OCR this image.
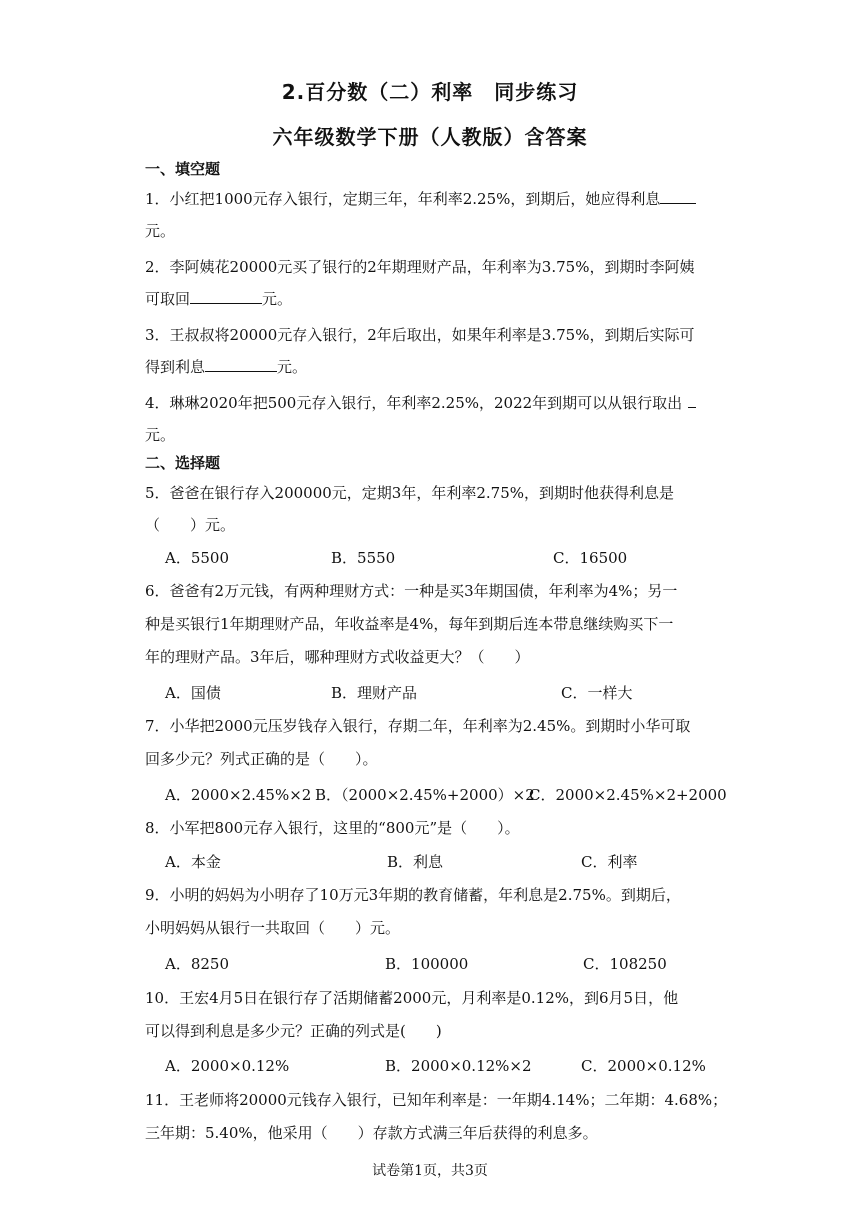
2.百分数（二）利率　同步练习
六年级数学下册（人教版）含答案
一、填空题
1．小红把1000元存入银行，定期三年，年利率2.25%，到期后，她应得利息
元。
2．李阿姨花20000元买了银行的2年期理财产品，年利率为3.75%，到期时李阿姨
可取回	元。
3．王叔叔将20000元存入银行，2年后取出，如果年利率是3.75%，到期后实际可
得到利息	元。
4．琳琳2020年把500元存入银行，年利率2.25%，2022年到期可以从银行取出
元。
二、选择题
5．爸爸在银行存入200000元，定期3年，年利率2.75%，到期时他获得利息是
（　　）元。
A．5500	B．5550	C．16500
6．爸爸有2万元钱，有两种理财方式：一种是买3年期国债，年利率为4%；另一
种是买银行1年期理财产品，年收益率是4%，每年到期后连本带息继续购买下一
年的理财产品。3年后，哪种理财方式收益更大？（　　）
A．国债	B．理财产品	C．一样大
7．小华把2000元压岁钱存入银行，存期二年，年利率为2.45%。到期时小华可取
回多少元？列式正确的是（　　）。
A．2000×2.45%×2 B．（2000×2.45%+2000）×2
C．2000×2.45%×2+2000
8．小军把800元存入银行，这里的“800元”是（　　）。
A．本金	B．利息	C．利率
9．小明的妈妈为小明存了10万元3年期的教育储蓄，年利息是2.75%。到期后，
小明妈妈从银行一共取回（　　）元。
A．8250	B．100000	C．108250
10．王宏4月5日在银行存了活期储蓄2000元，月利率是0.12%，到6月5日，他
可以得到利息是多少元？正确的列式是(　　)
A．2000×0.12%	B．2000×0.12%×2	C．2000×0.12%
11．王老师将20000元钱存入银行，已知年利率是：一年期4.14%；二年期：4.68%；
三年期：5.40%，他采用（　　）存款方式满三年后获得的利息多。
试卷第1页，共3页
